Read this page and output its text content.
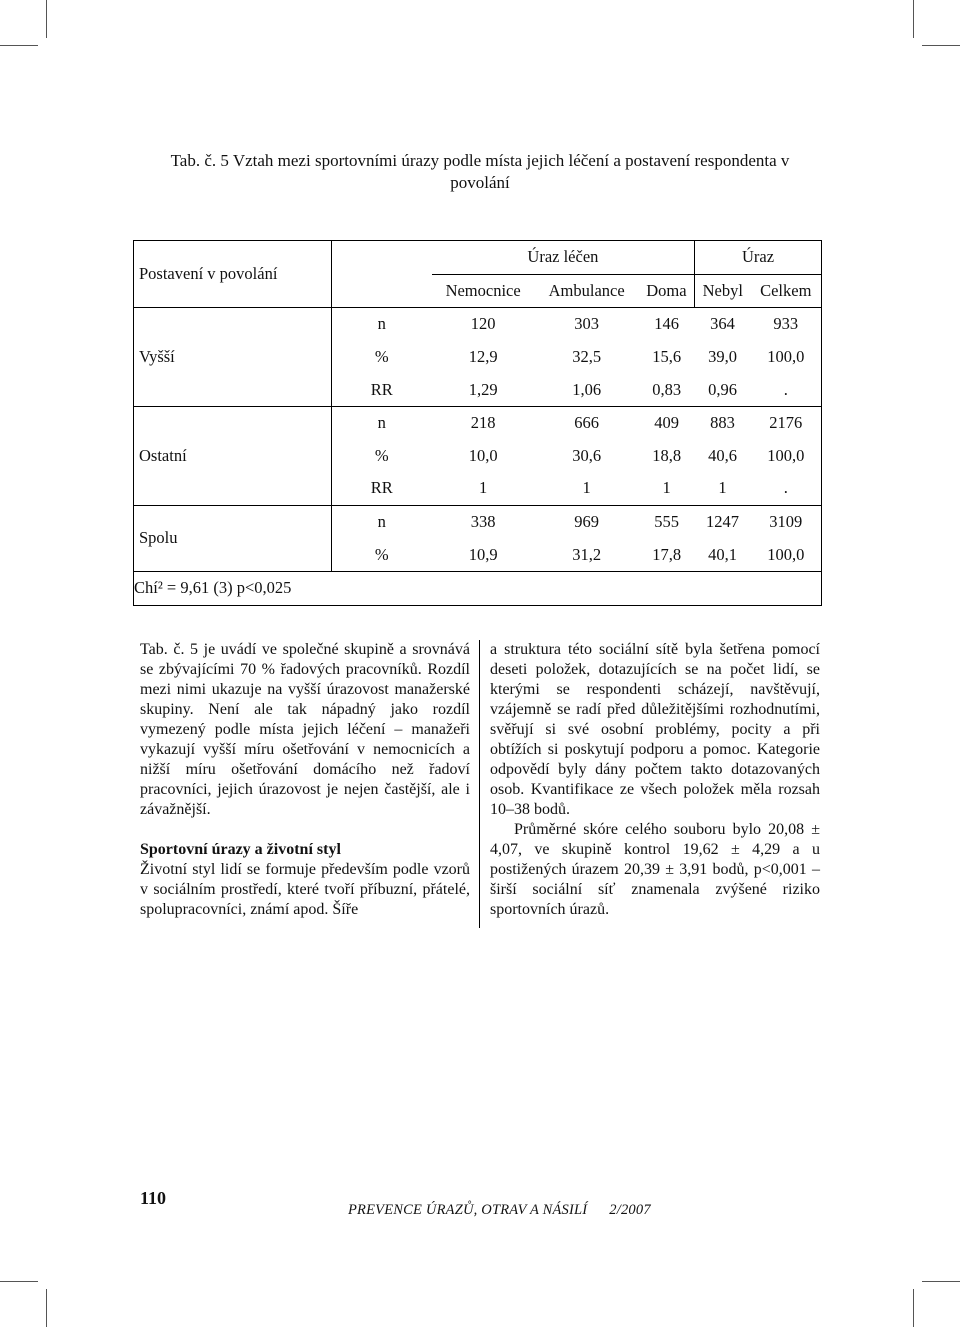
Tab. č. 5 Vztah mezi sportovními úrazy podle místa jejich léčení a postavení respondenta v povolání
Postavení v povolání	Úraz léčen				Úraz	
		Nemocnice	Ambulance	Doma	Nebyl	Celkem
Vyšší	n	120	303	146	364	933
	%	12,9	32,5	15,6	39,0	100,0
	RR	1,29	1,06	0,83	0,96	.
Ostatní	n	218	666	409	883	2176
	%	10,0	30,6	18,8	40,6	100,0
	RR	1	1	1	1	.
Spolu	n	338	969	555	1247	3109
	%	10,9	31,2	17,8	40,1	100,0
Chí² = 9,61 (3) p<0,025						

Tab. č. 5 je uvádí ve společné skupině a srovnává se zbývajícími 70 % řadových pracovníků. Rozdíl mezi nimi ukazuje na vyšší úrazovost manažerské skupiny. Není ale tak nápadný jako rozdíl vymezený podle místa jejich léčení – manažeři vykazují vyšší míru ošetřování v nemocnicích a nižší míru ošetřování domácího než řadoví pracovníci, jejich úrazovost je nejen častější, ale i závažnější.

Sportovní úrazy a životní styl

Životní styl lidí se formuje především podle vzorů v sociálním prostředí, které tvoří příbuzní, přátelé, spolupracovníci, známí apod. Šíře

a struktura této sociální sítě byla šetřena pomocí deseti položek, dotazujících se na počet lidí, se kterými se respondenti scházejí, navštěvují, vzájemně se radí před důležitějšími rozhodnutími, svěřují si své osobní problémy, pocity a při obtížích si poskytují podporu a pomoc. Kategorie odpovědí byly dány počtem takto dotazovaných osob. Kvantifikace ze všech položek měla rozsah 10–38 bodů.

Průměrné skóre celého souboru bylo 20,08 ± 4,07, ve skupině kontrol 19,62 ± 4,29 a u postižených úrazem 20,39 ± 3,91 bodů, p<0,001 – širší sociální síť znamenala zvýšené riziko sportovních úrazů.

110
PREVENCE ÚRAZŮ, OTRAV A NÁSILÍ 2/2007
